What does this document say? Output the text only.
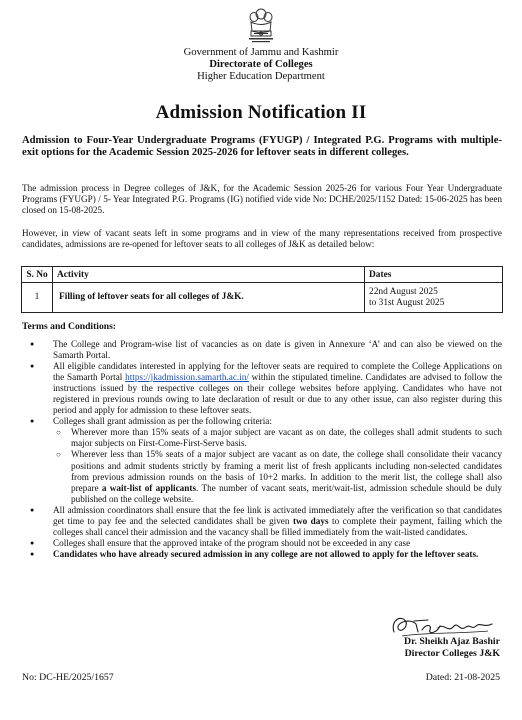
Government of Jammu and Kashmir
Directorate of Colleges
Higher Education Department
Admission Notification II
Admission to Four-Year Undergraduate Programs (FYUGP) / Integrated P.G. Programs with multiple-exit options for the Academic Session 2025-2026 for leftover seats in different colleges.

The admission process in Degree colleges of J&K, for the Academic Session 2025-26 for various Four Year Undergraduate Programs (FYUGP) / 5- Year Integrated P.G. Programs (IG) notified vide vide No: DCHE/2025/1152 Dated: 15-06-2025 has been closed on 15-08-2025.

However, in view of vacant seats left in some programs and in view of the many representations received from prospective candidates, admissions are re-opened for leftover seats to all colleges of J&K as detailed below:

S. No	Activity	Dates
1	Filling of leftover seats for all colleges of J&K.	22nd August 2025
to 31st August 2025
Terms and Conditions:
● The College and Program-wise list of vacancies as on date is given in Annexure ‘A’ and can also be viewed on the Samarth Portal.
● All eligible candidates interested in applying for the leftover seats are required to complete the College Applications on the Samarth Portal https://jkadmission.samarth.ac.in/ within the stipulated timeline. Candidates are advised to follow the instructions issued by the respective colleges on their college websites before applying. Candidates who have not registered in previous rounds owing to late declaration of result or due to any other issue, can also register during this period and apply for admission to these leftover seats.
● Colleges shall grant admission as per the following criteria:
○ Wherever more than 15% seats of a major subject are vacant as on date, the colleges shall admit students to such major subjects on First-Come-First-Serve basis.
○ Wherever less than 15% seats of a major subject are vacant as on date, the college shall consolidate their vacancy positions and admit students strictly by framing a merit list of fresh applicants including non-selected candidates from previous admission rounds on the basis of 10+2 marks. In addition to the merit list, the college shall also prepare a wait-list of applicants. The number of vacant seats, merit/wait-list, admission schedule should be duly published on the college website.
● All admission coordinators shall ensure that the fee link is activated immediately after the verification so that candidates get time to pay fee and the selected candidates shall be given two days to complete their payment, failing which the colleges shall cancel their admission and the vacancy shall be filled immediately from the wait-listed candidates.
● Colleges shall ensure that the approved intake of the program should not be exceeded in any case
● Candidates who have already secured admission in any college are not allowed to apply for the leftover seats.
Dr. Sheikh Ajaz Bashir
Director Colleges J&K
No: DC-HE/2025/1657	Dated: 21-08-2025
